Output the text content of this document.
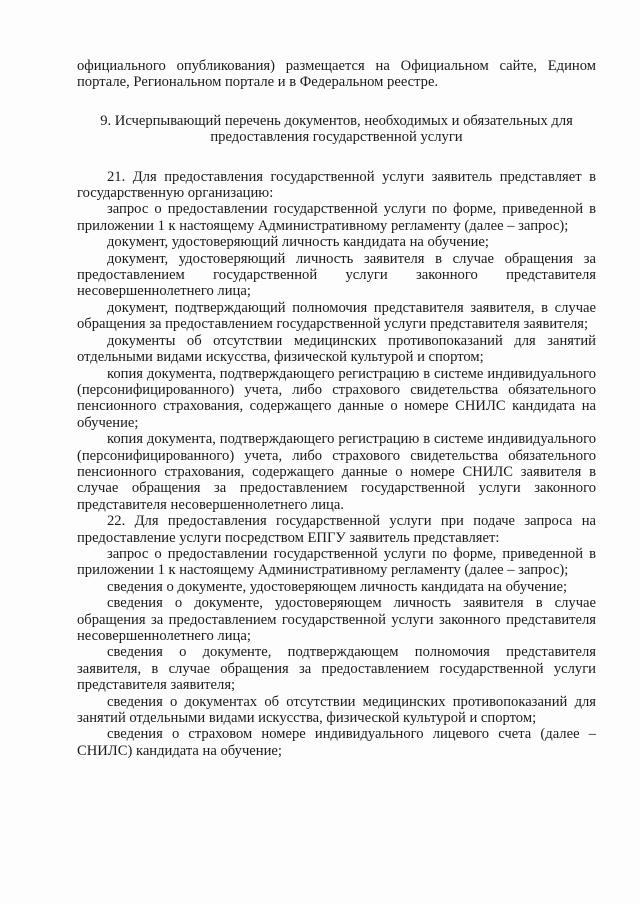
официального опубликования) размещается на Официальном сайте, Едином портале, Региональном портале и в Федеральном реестре.

9. Исчерпывающий перечень документов, необходимых и обязательных для предоставления государственной услуги

21. Для предоставления государственной услуги заявитель представляет в государственную организацию:

запрос о предоставлении государственной услуги по форме, приведенной в приложении 1 к настоящему Административному регламенту (далее – запрос);

документ, удостоверяющий личность кандидата на обучение;

документ, удостоверяющий личность заявителя в случае обращения за предоставлением государственной услуги законного представителя несовершеннолетнего лица;

документ, подтверждающий полномочия представителя заявителя, в случае обращения за предоставлением государственной услуги представителя заявителя;

документы об отсутствии медицинских противопоказаний для занятий отдельными видами искусства, физической культурой и спортом;

копия документа, подтверждающего регистрацию в системе индивидуального (персонифицированного) учета, либо страхового свидетельства обязательного пенсионного страхования, содержащего данные о номере СНИЛС кандидата на обучение;

копия документа, подтверждающего регистрацию в системе индивидуального (персонифицированного) учета, либо страхового свидетельства обязательного пенсионного страхования, содержащего данные о номере СНИЛС заявителя в случае обращения за предоставлением государственной услуги законного представителя несовершеннолетнего лица.

22. Для предоставления государственной услуги при подаче запроса на предоставление услуги посредством ЕПГУ заявитель представляет:

запрос о предоставлении государственной услуги по форме, приведенной в приложении 1 к настоящему Административному регламенту (далее – запрос);

сведения о документе, удостоверяющем личность кандидата на обучение;

сведения о документе, удостоверяющем личность заявителя в случае обращения за предоставлением государственной услуги законного представителя несовершеннолетнего лица;

сведения о документе, подтверждающем полномочия представителя заявителя, в случае обращения за предоставлением государственной услуги представителя заявителя;

сведения о документах об отсутствии медицинских противопоказаний для занятий отдельными видами искусства, физической культурой и спортом;

сведения о страховом номере индивидуального лицевого счета (далее – СНИЛС) кандидата на обучение;
